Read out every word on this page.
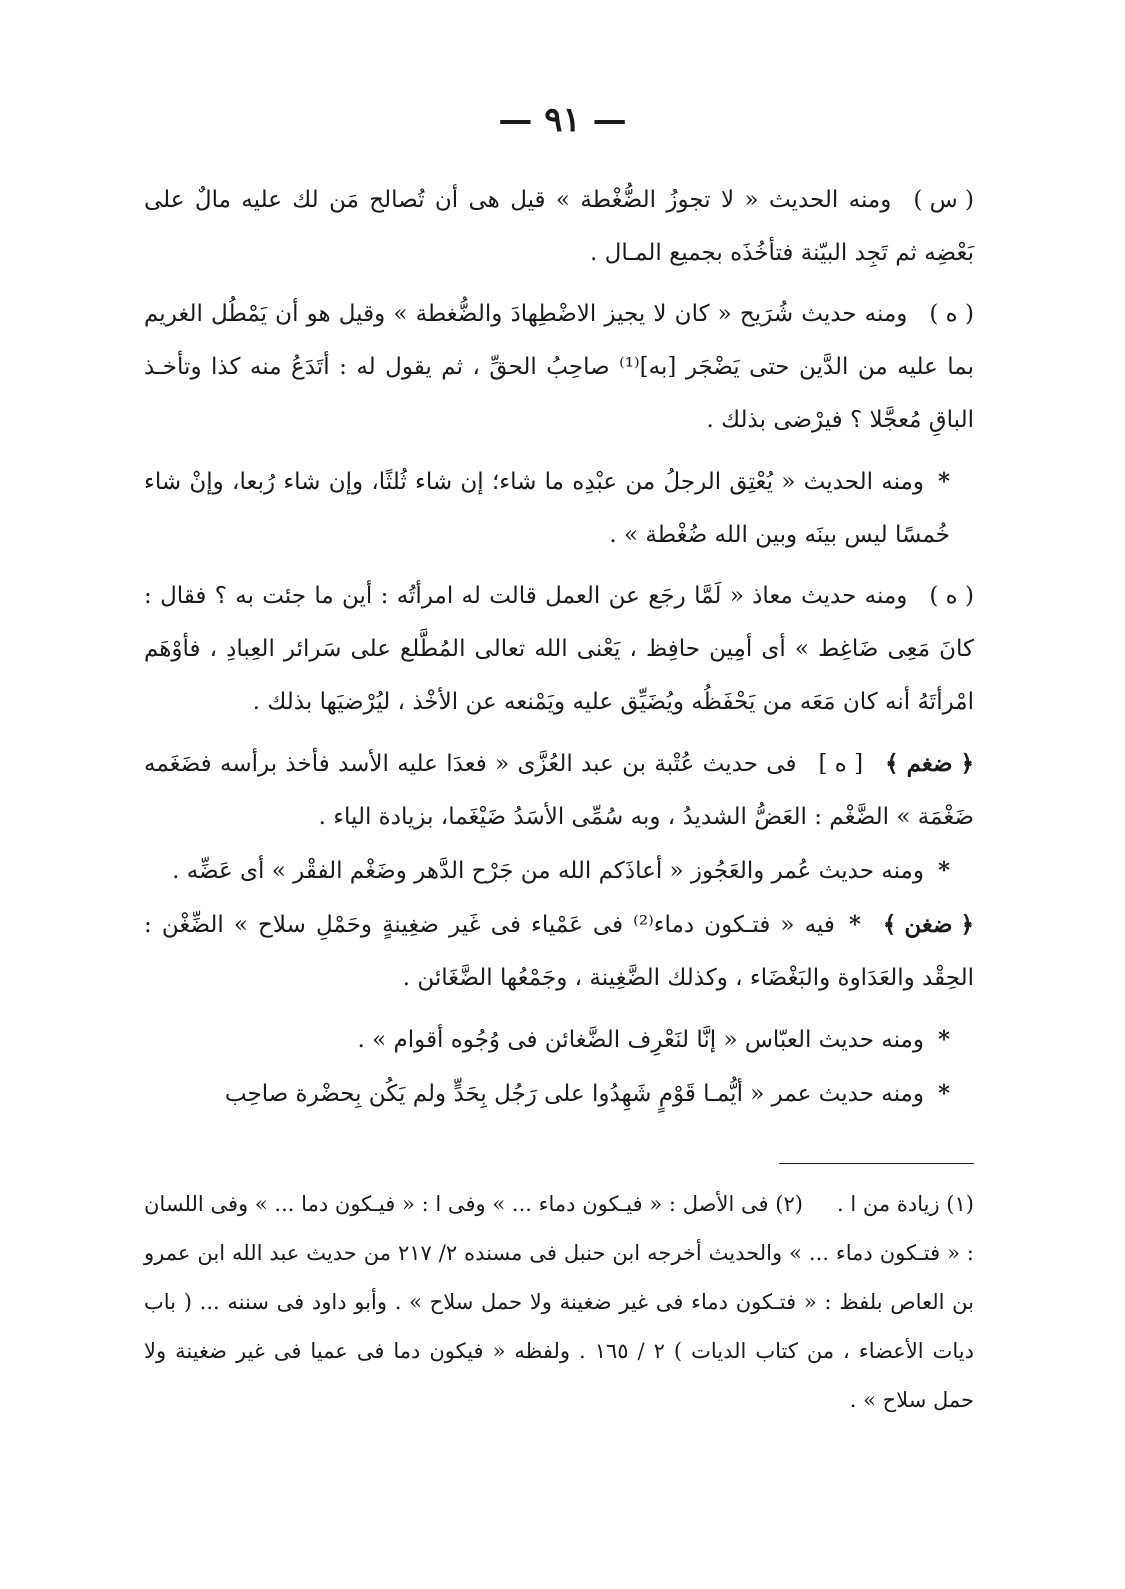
— ٩١ —

( س )ومنه الحديث « لا تجوزُ الضُّغْطة » قيل هى أن تُصالح مَن لك عليه مالٌ على بَعْضِه ثم تَجِد البيّنة فتأخُذَه بجميع المـال .

( ه )ومنه حديث شُرَيح « كان لا يجيز الاضْطِهادَ والضُّغطة » وقيل هو أن يَمْطُل الغريم بما عليه من الدَّين حتى يَضْجَر [به]⁽¹⁾ صاحِبُ الحقِّ ، ثم يقول له : أتَدَعُ منه كذا وتأخـذ الباقِ مُعجَّلا ؟ فيرْضى بذلك .

*ومنه الحديث « يُعْتِق الرجلُ من عبْدِه ما شاء؛ إن شاء ثُلثًا، وإن شاء رُبعا، وإنْ شاء خُمسًا ليس بينَه وبين الله ضُغْطة » .

( ه )ومنه حديث معاذ « لَمَّا رجَع عن العمل قالت له امرأتُه : أين ما جئت به ؟ فقال : كانَ مَعِى ضَاغِط » أى أمِين حافِظ ، يَعْنى الله تعالى المُطَّلع على سَرائر العِبادِ ، فأوْهَم امْرأتَهُ أنه كان مَعَه من يَحْفَظُه ويُضَيِّق عليه ويَمْنعه عن الأخْذ ، ليُرْضيَها بذلك .

﴿ ضغم ﴾[ ه ]فى حديث عُتْبة بن عبد العُزَّى « فعدَا عليه الأسد فأخذ برأسه فضَغَمه ضَغْمَة » الضَّغْم : العَضُّ الشديدُ ، وبه سُمِّى الأسَدُ ضَيْغَما، بزيادة الياء .

*ومنه حديث عُمر والعَجُوز « أعاذَكم الله من جَرْح الدَّهر وضَغْم الفقْر » أى عَضِّه .

﴿ ضغن ﴾*فيه « فتـكون دماء⁽²⁾ فى عَمْياء فى غَير ضغِينةٍ وحَمْلِ سلاح » الضِّغْن : الحِقْد والعَدَاوة والبَغْضَاء ، وكذلك الضَّغِينة ، وجَمْعُها الضَّغَائن .

*ومنه حديث العبّاس « إنَّا لنَعْرِف الضَّغائن فى وُجُوه أقوام » .

*ومنه حديث عمر « أيُّمـا قَوْمٍ شَهِدُوا على رَجُل بِحَدٍّ ولم يَكُن بِحضْرة صاحِب

(١) زيادة من ا .(٢) فى الأصل : « فيـكون دماء ... » وفى ا : « فيـكون دما ... » وفى اللسان : « فتـكون دماء ... » والحديث أخرجه ابن حنبل فى مسنده ٢/ ٢١٧ من حديث عبد الله ابن عمرو بن العاص بلفظ : « فتـكون دماء فى غير ضغينة ولا حمل سلاح » . وأبو داود فى سننه ... ( باب ديات الأعضاء ، من كتاب الديات ) ٢ / ١٦٥ . ولفظه « فيكون دما فى عميا فى غير ضغينة ولا حمل سلاح » .
